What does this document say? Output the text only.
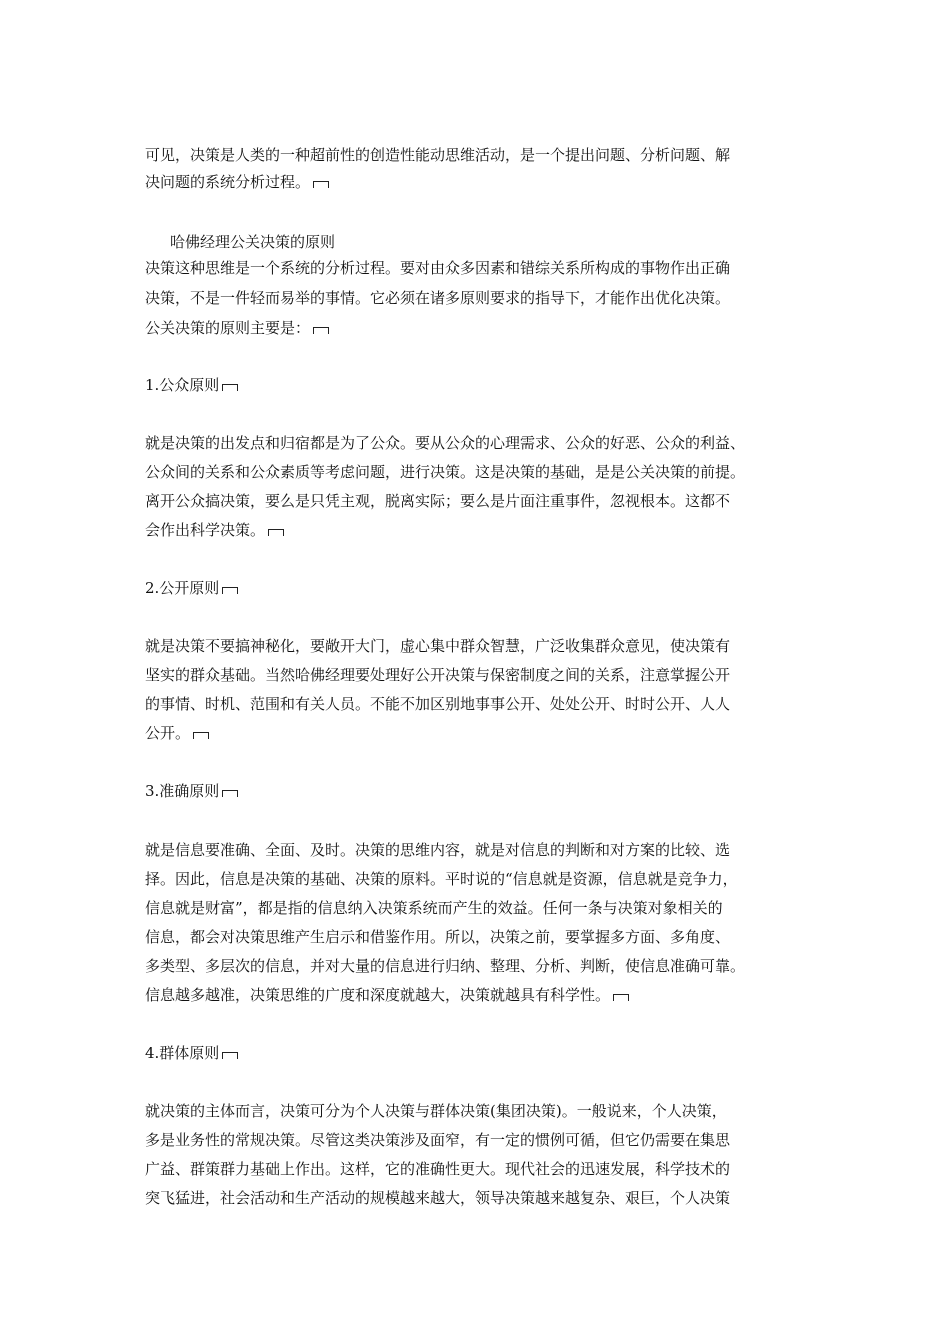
可见，决策是人类的一种超前性的创造性能动思维活动，是一个提出问题、分析问题、解
决问题的系统分析过程。
哈佛经理公关决策的原则
决策这种思维是一个系统的分析过程。要对由众多因素和错综关系所构成的事物作出正确
决策，不是一件轻而易举的事情。它必须在诸多原则要求的指导下，才能作出优化决策。
公关决策的原则主要是：
1.公众原则
就是决策的出发点和归宿都是为了公众。要从公众的心理需求、公众的好恶、公众的利益、
公众间的关系和公众素质等考虑问题，进行决策。这是决策的基础，是是公关决策的前提。
离开公众搞决策，要么是只凭主观，脱离实际；要么是片面注重事件，忽视根本。这都不
会作出科学决策。
2.公开原则
就是决策不要搞神秘化，要敞开大门，虚心集中群众智慧，广泛收集群众意见，使决策有
坚实的群众基础。当然哈佛经理要处理好公开决策与保密制度之间的关系，注意掌握公开
的事情、时机、范围和有关人员。不能不加区别地事事公开、处处公开、时时公开、人人
公开。
3.准确原则
就是信息要准确、全面、及时。决策的思维内容，就是对信息的判断和对方案的比较、选
择。因此，信息是决策的基础、决策的原料。平时说的“信息就是资源，信息就是竞争力，
信息就是财富”，都是指的信息纳入决策系统而产生的效益。任何一条与决策对象相关的
信息，都会对决策思维产生启示和借鉴作用。所以，决策之前，要掌握多方面、多角度、
多类型、多层次的信息，并对大量的信息进行归纳、整理、分析、判断，使信息准确可靠。
信息越多越准，决策思维的广度和深度就越大，决策就越具有科学性。
4.群体原则
就决策的主体而言，决策可分为个人决策与群体决策(集团决策)。一般说来，个人决策，
多是业务性的常规决策。尽管这类决策涉及面窄，有一定的惯例可循，但它仍需要在集思
广益、群策群力基础上作出。这样，它的准确性更大。现代社会的迅速发展，科学技术的
突飞猛进，社会活动和生产活动的规模越来越大，领导决策越来越复杂、艰巨，个人决策
